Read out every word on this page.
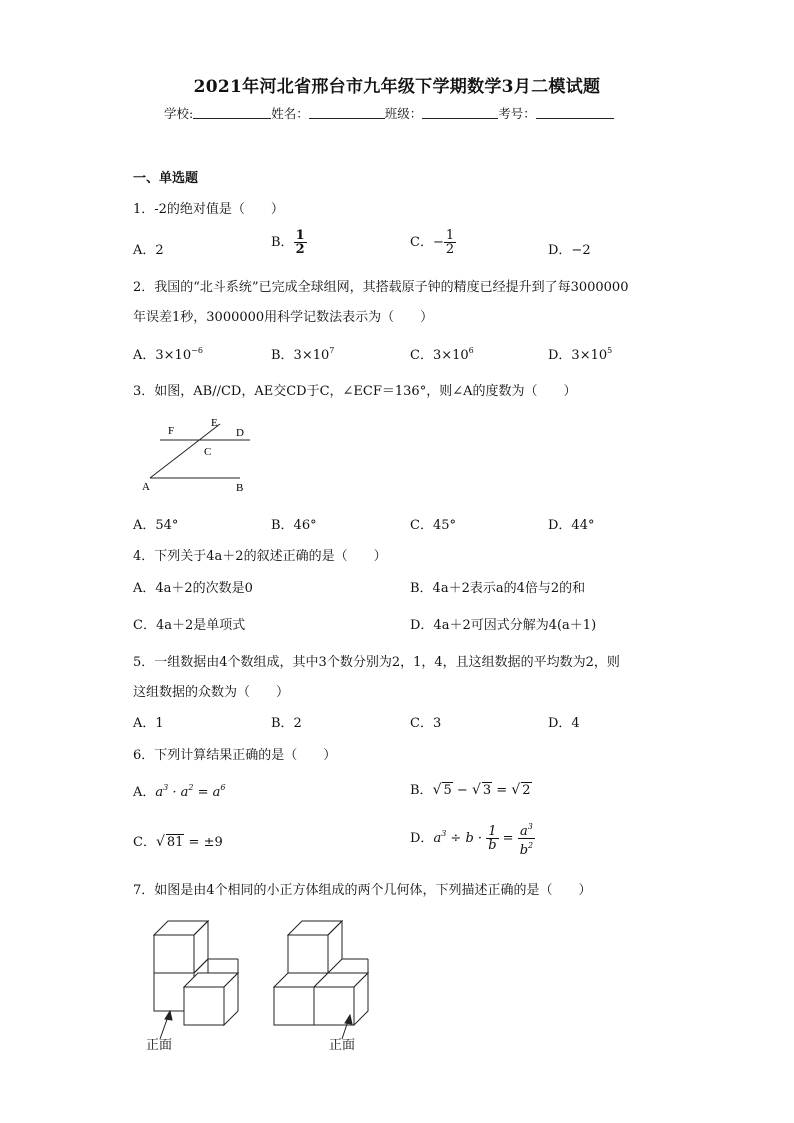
2021年河北省邢台市九年级下学期数学3月二模试题
学校:	姓名：	班级：	考号：
一、单选题
1．-2的绝对值是（　　）
A．2
B． $\frac{1}{2}$	C．− $\frac{1}{2}$	D．−2
2．我国的“北斗系统”已完成全球组网，其搭载原子钟的精度已经提升到了每3000000
年误差1秒，3000000用科学记数法表示为（　　）
A．$3\times 10^{-6}$	B．$3\times 10^7$	C．$3\times 10^6$	D．$3\times 10^5$
3．如图，AB//CD，AE交CD于C，∠ECF＝136°，则∠A的度数为（　　）
F
E
D
C
A	B
A．54°	B．46°	C．45°	D．44°
4．下列关于4a＋2的叙述正确的是（　　）
A．4a＋2的次数是0	B．4a＋2表示a的4倍与2的和
C．4a＋2是单项式	D．4a＋2可因式分解为4(a＋1)
5．一组数据由4个数组成，其中3个数分别为2，1，4，且这组数据的平均数为2，则
这组数据的众数为（　　）
A．1	B．2	C．3	D．4
6．下列计算结果正确的是（　　）
A．$a^3 \cdot a^2 = a^6$	B．√ 5 − √ 3 = √ 2
C．√ 81 = ±9	D．$a^3 \div b \cdot \frac{1}{b} = \frac{a^3}{b^2}$
7．如图是由4个相同的小正方体组成的两个几何体，下列描述正确的是（　　）
正面	正面
